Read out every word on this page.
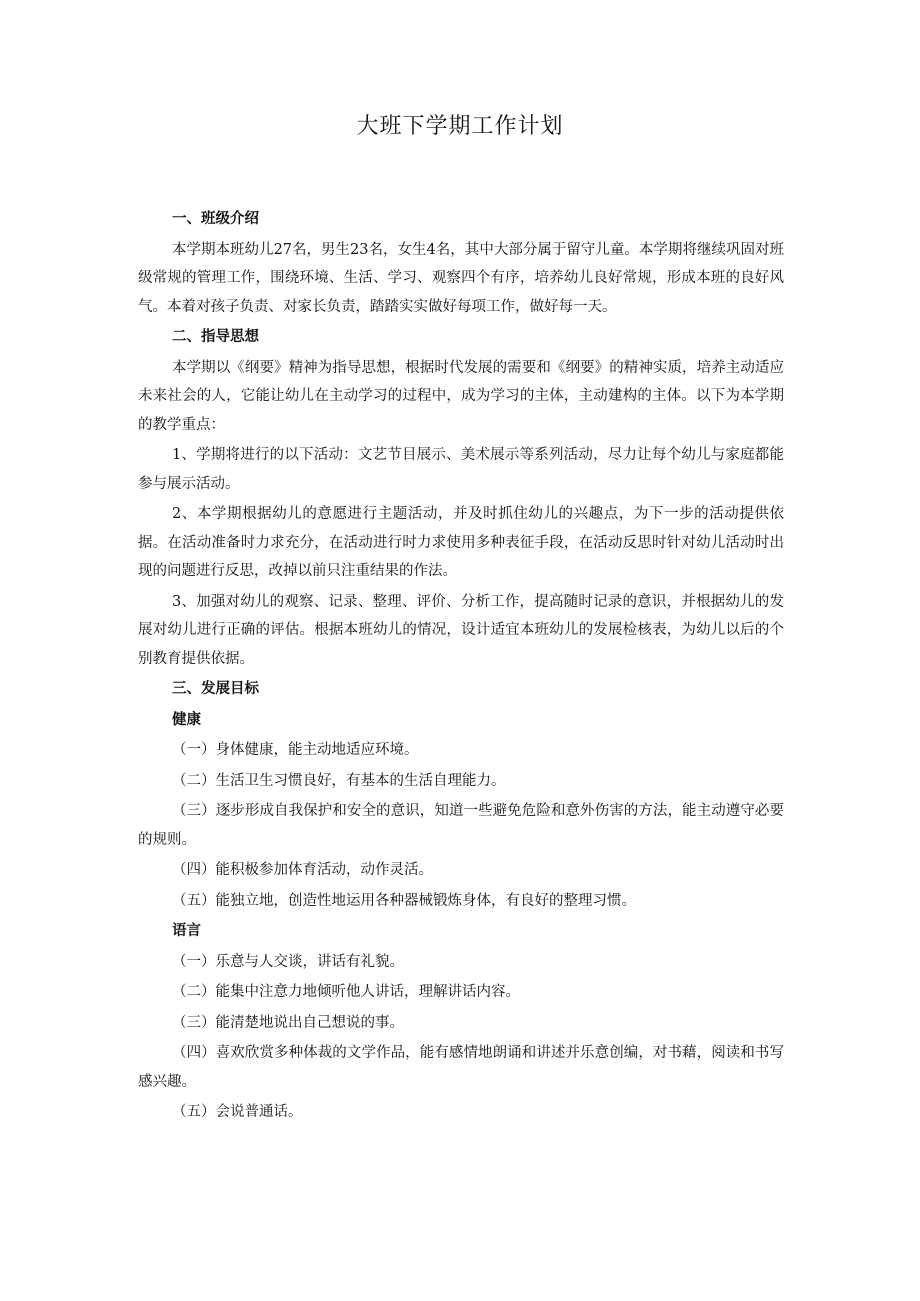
大班下学期工作计划

一、班级介绍

本学期本班幼儿27名，男生23名，女生4名，其中大部分属于留守儿童。本学期将继续巩固对班级常规的管理工作，围绕环境、生活、学习、观察四个有序，培养幼儿良好常规，形成本班的良好风气。本着对孩子负责、对家长负责，踏踏实实做好每项工作，做好每一天。

二、指导思想

本学期以《纲要》精神为指导思想，根据时代发展的需要和《纲要》的精神实质，培养主动适应未来社会的人，它能让幼儿在主动学习的过程中，成为学习的主体，主动建构的主体。以下为本学期的教学重点：

1、学期将进行的以下活动：文艺节目展示、美术展示等系列活动，尽力让每个幼儿与家庭都能参与展示活动。

2、本学期根据幼儿的意愿进行主题活动，并及时抓住幼儿的兴趣点，为下一步的活动提供依据。在活动准备时力求充分，在活动进行时力求使用多种表征手段，在活动反思时针对幼儿活动时出现的问题进行反思，改掉以前只注重结果的作法。

3、加强对幼儿的观察、记录、整理、评价、分析工作，提高随时记录的意识，并根据幼儿的发展对幼儿进行正确的评估。根据本班幼儿的情况，设计适宜本班幼儿的发展检核表，为幼儿以后的个别教育提供依据。

三、发展目标

健康

（一）身体健康，能主动地适应环境。

（二）生活卫生习惯良好，有基本的生活自理能力。

（三）逐步形成自我保护和安全的意识，知道一些避免危险和意外伤害的方法，能主动遵守必要的规则。

（四）能积极参加体育活动，动作灵活。

（五）能独立地，创造性地运用各种器械锻炼身体，有良好的整理习惯。

语言

（一）乐意与人交谈，讲话有礼貌。

（二）能集中注意力地倾听他人讲话，理解讲话内容。

（三）能清楚地说出自己想说的事。

（四）喜欢欣赏多种体裁的文学作品，能有感情地朗诵和讲述并乐意创编，对书藉，阅读和书写感兴趣。

（五）会说普通话。
